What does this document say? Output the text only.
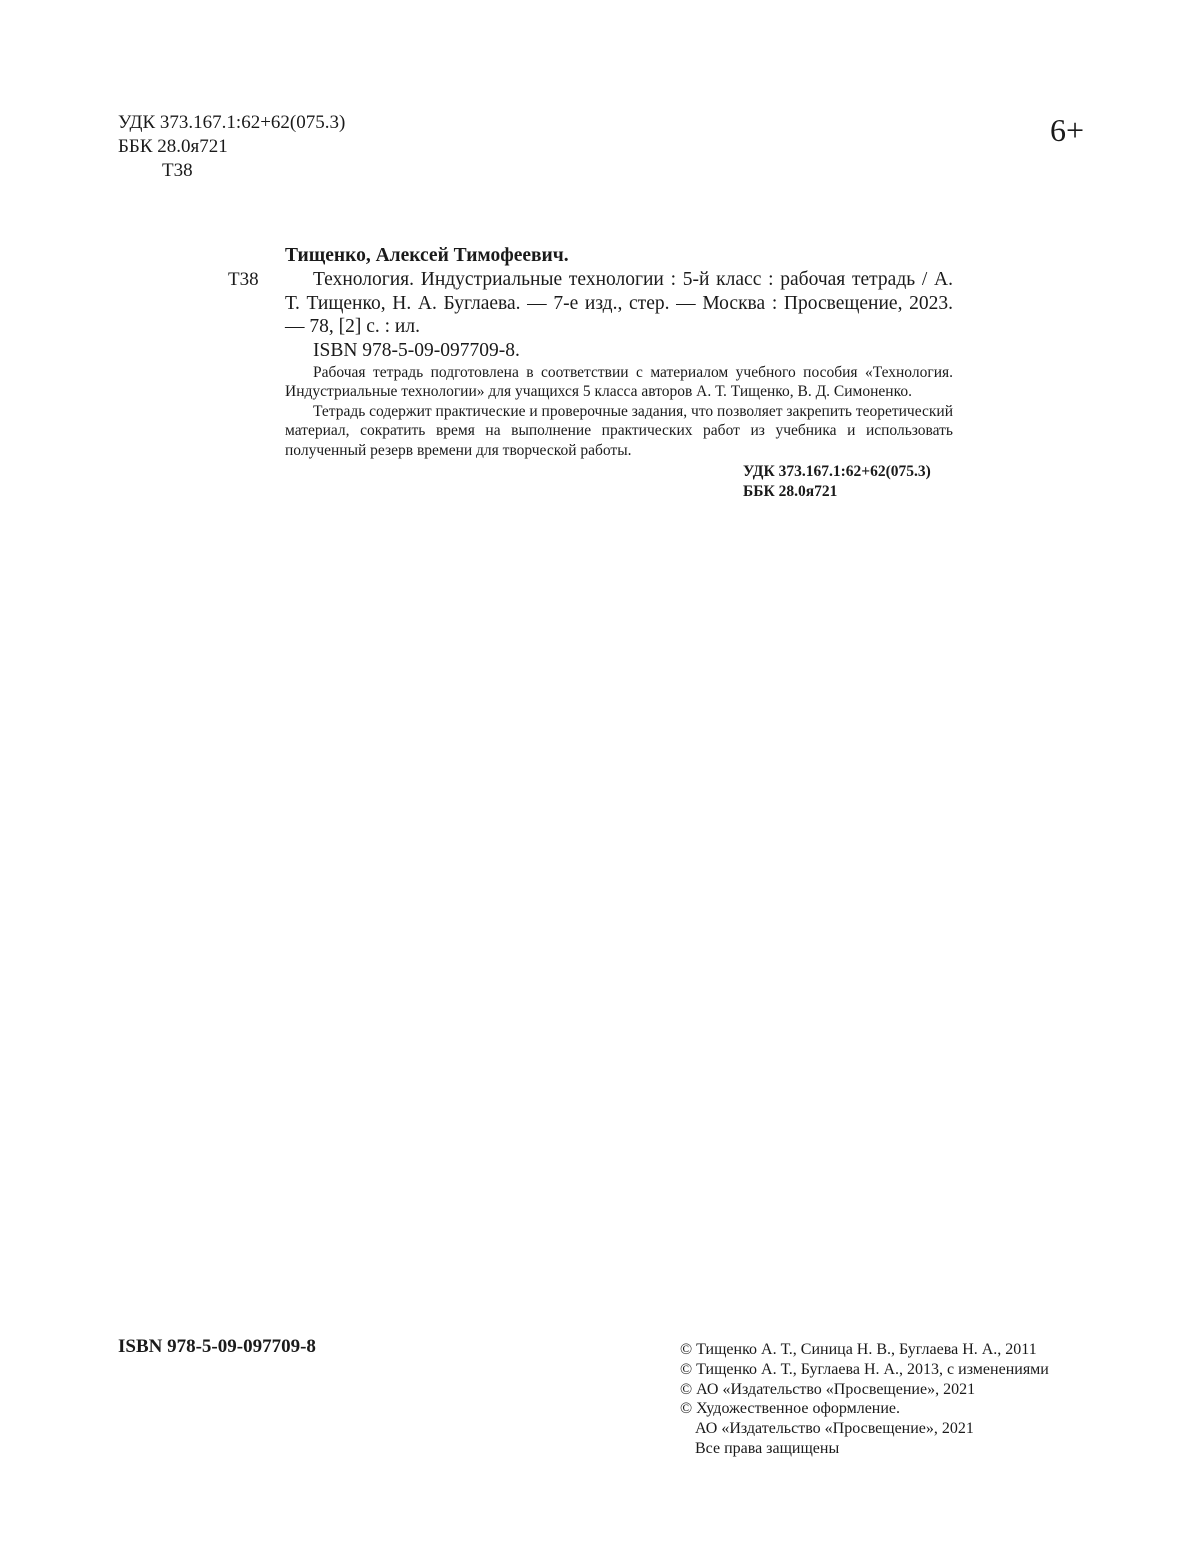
УДК 373.167.1:62+62(075.3)
ББК 28.0я721
Т38
6+
Т38
Тищенко, Алексей Тимофеевич.

Технология. Индустриальные технологии : 5-й класс : рабочая тетрадь / А. Т. Тищенко, Н. А. Буглаева. — 7-е изд., стер. — Москва : Просвещение, 2023. — 78, [2] с. : ил.

ISBN 978-5-09-097709-8.

Рабочая тетрадь подготовлена в соответствии с материалом учебного пособия «Технология. Индустриальные технологии» для учащихся 5 класса авторов А. Т. Тищенко, В. Д. Симоненко.

Тетрадь содержит практические и проверочные задания, что позволяет закрепить теоретический материал, сократить время на выполнение практических работ из учебника и использовать полученный резерв времени для творческой работы.

УДК 373.167.1:62+62(075.3)
ББК 28.0я721
ISBN 978-5-09-097709-8	© Тищенко А. Т., Синица Н. В., Буглаева Н. А., 2011
© Тищенко А. Т., Буглаева Н. А., 2013, с изменениями
© АО «Издательство «Просвещение», 2021
© Художественное оформление.
АО «Издательство «Просвещение», 2021
Все права защищены
